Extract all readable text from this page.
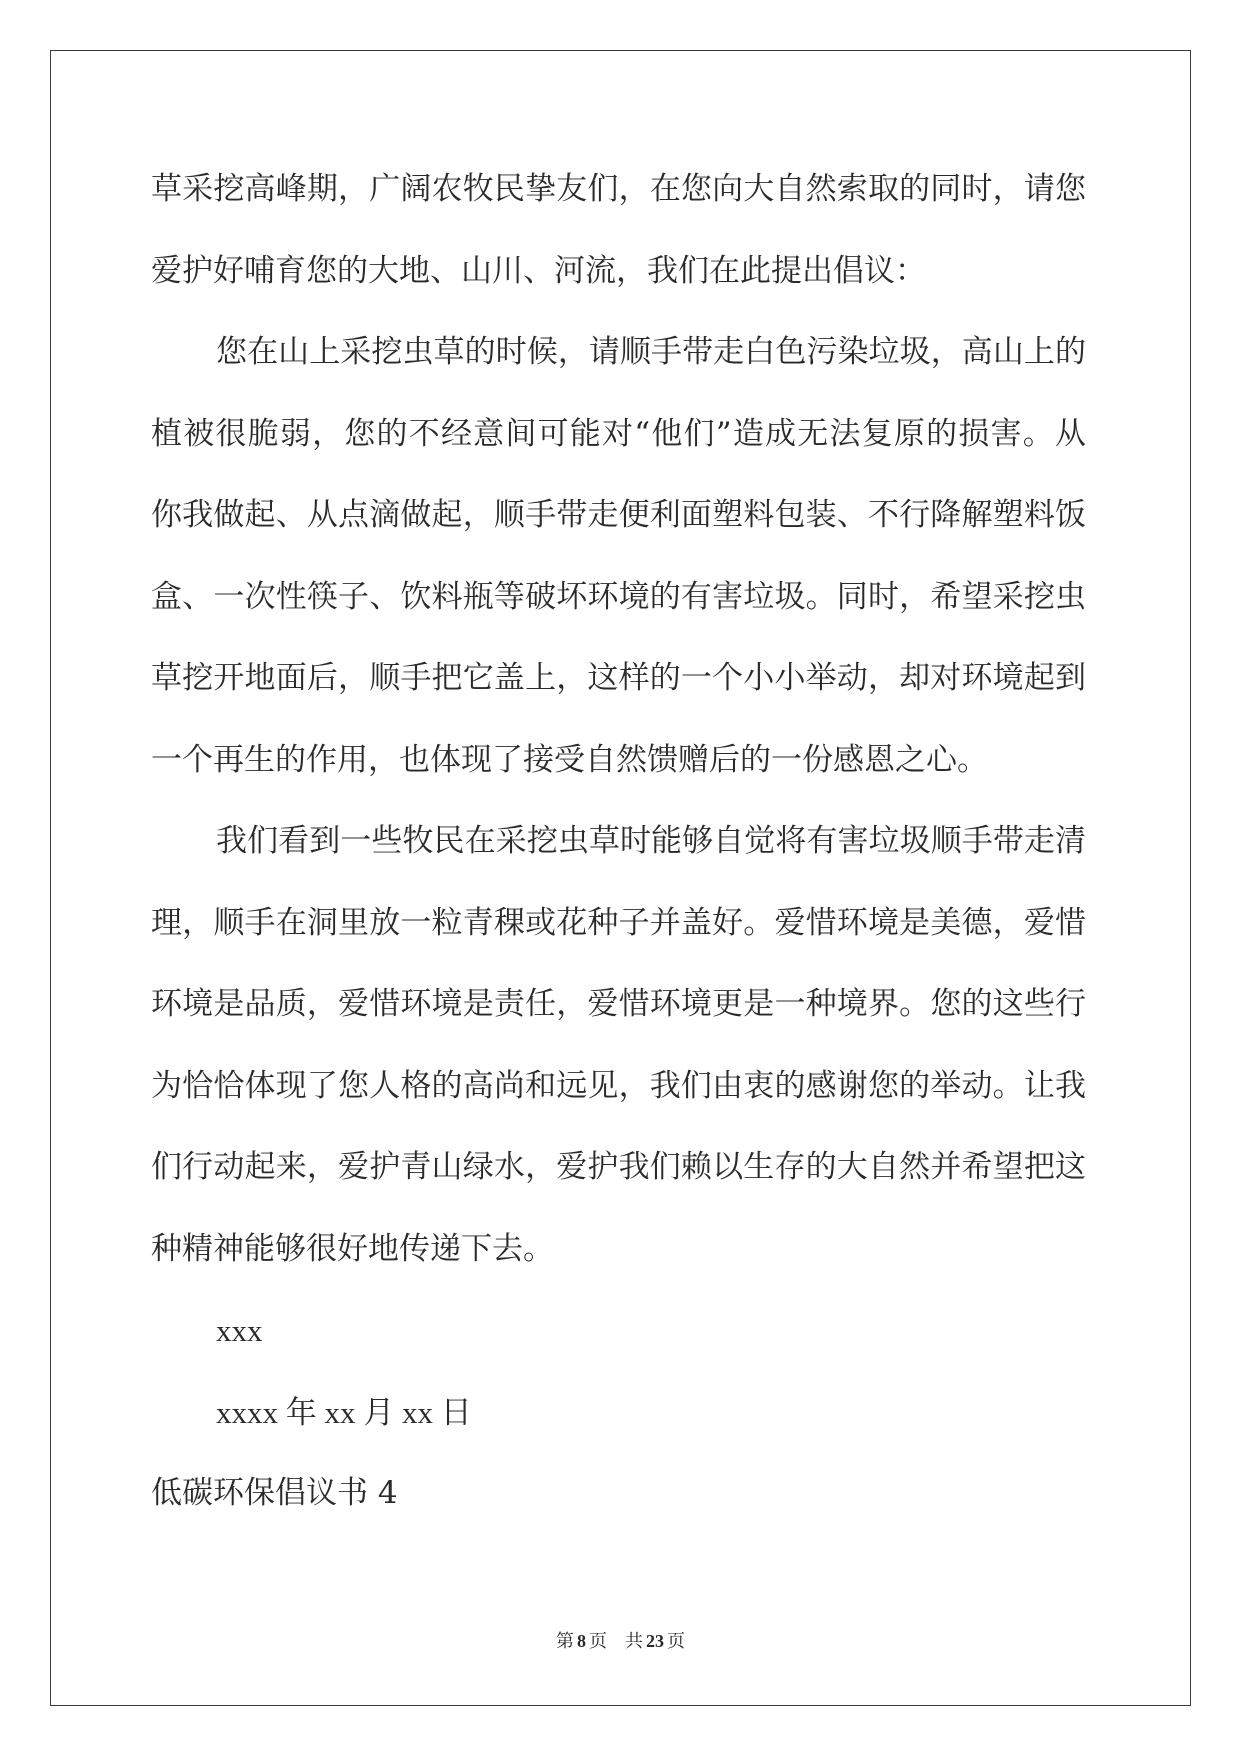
草采挖高峰期，广阔农牧民挚友们，在您向大自然索取的同时，请您
爱护好哺育您的大地、山川、河流，我们在此提出倡议：
您在山上采挖虫草的时候，请顺手带走白色污染垃圾，高山上的
植被很脆弱，您的不经意间可能对“他们”造成无法复原的损害。从
你我做起、从点滴做起，顺手带走便利面塑料包装、不行降解塑料饭
盒、一次性筷子、饮料瓶等破坏环境的有害垃圾。同时，希望采挖虫
草挖开地面后，顺手把它盖上，这样的一个小小举动，却对环境起到
一个再生的作用，也体现了接受自然馈赠后的一份感恩之心。
我们看到一些牧民在采挖虫草时能够自觉将有害垃圾顺手带走清
理，顺手在洞里放一粒青稞或花种子并盖好。爱惜环境是美德，爱惜
环境是品质，爱惜环境是责任，爱惜环境更是一种境界。您的这些行
为恰恰体现了您人格的高尚和远见，我们由衷的感谢您的举动。让我
们行动起来，爱护青山绿水，爱护我们赖以生存的大自然并希望把这
种精神能够很好地传递下去。
xxx
xxxx 年 xx 月 xx 日
低碳环保倡议书 4
第 8 页 共 23 页
